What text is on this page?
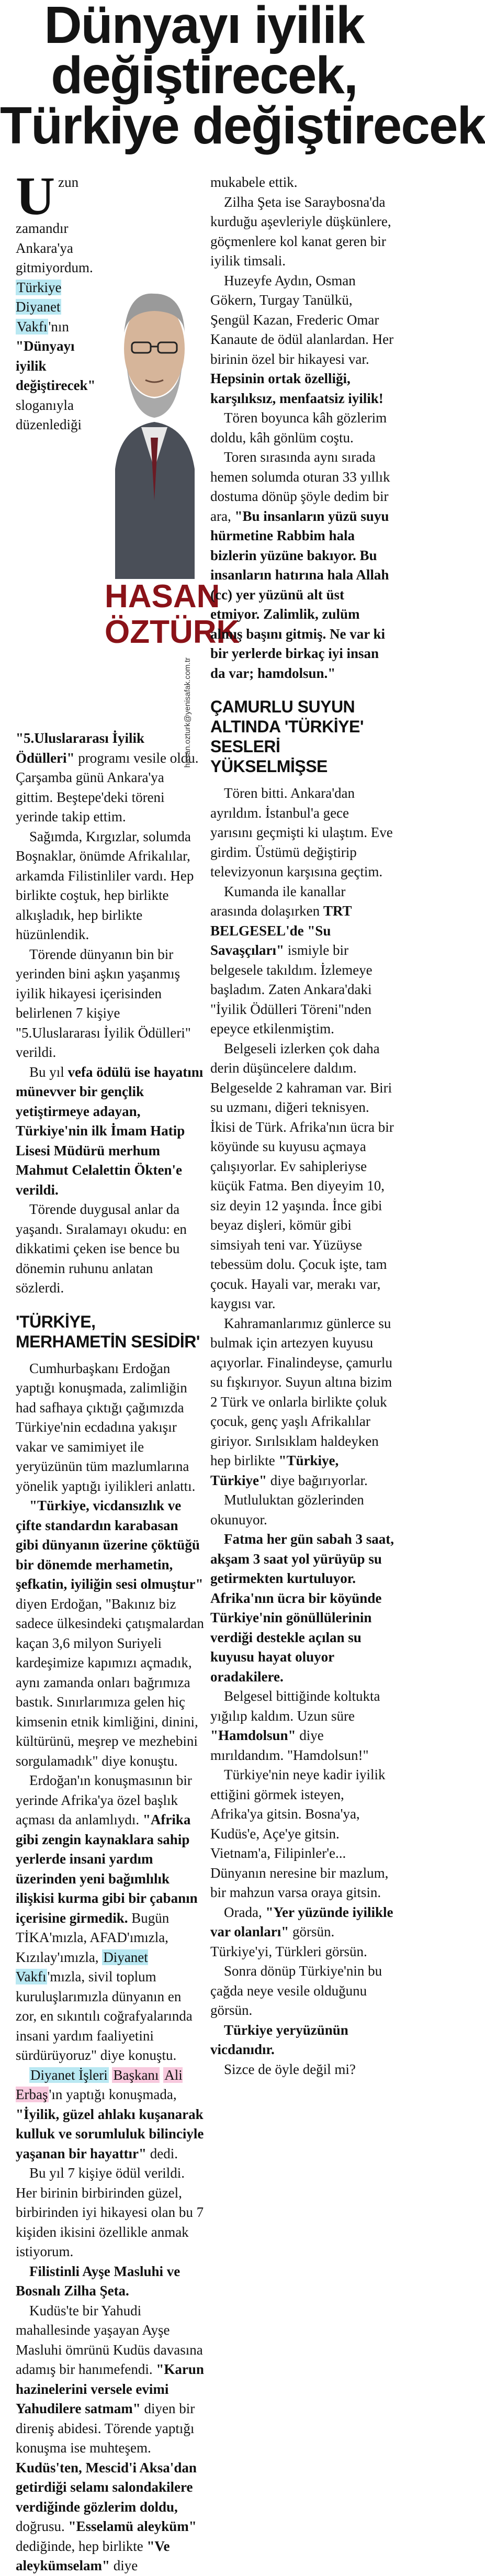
Dünyayı iyilik
değiştirecek,
Türkiye değiştirecek
HASAN
ÖZTÜRK
hasan.ozturk@yenisafak.com.tr

Uzun zamandır Ankara'ya gitmiyordum. Türkiye Diyanet Vakfı'nın "Dünyayı iyilik değiştirecek" sloganıyla düzenlediği "5.Uluslararası İyilik Ödülleri" programı vesile oldu. Çarşamba günü Ankara'ya gittim. Beştepe'deki töreni yerinde takip ettim.

Sağımda, Kırgızlar, solumda Boşnaklar, önümde Afrikalılar, arkamda Filistinliler vardı. Hep birlikte coştuk, hep birlikte alkışladık, hep birlikte hüzünlendik.

Törende dünyanın bin bir yerinden bini aşkın yaşanmış iyilik hikayesi içerisinden belirlenen 7 kişiye "5.Uluslararası İyilik Ödülleri" verildi.

Bu yıl vefa ödülü ise hayatını münevver bir gençlik yetiştirmeye adayan, Türkiye'nin ilk İmam Hatip Lisesi Müdürü merhum Mahmut Celalettin Ökten'e verildi.

Törende duygusal anlar da yaşandı. Sıralamayı okudu: en dikkatimi çeken ise bence bu dönemin ruhunu anlatan sözlerdi.

'TÜRKİYE, MERHAMETİN SESİDİR'

Cumhurbaşkanı Erdoğan yaptığı konuşmada, zalimliğin had safhaya çıktığı çağımızda Türkiye'nin ecdadına yakışır vakar ve samimiyet ile yeryüzünün tüm mazlumlarına yönelik yaptığı iyilikleri anlattı.

"Türkiye, vicdansızlık ve çifte standardın karabasan gibi dünyanın üzerine çöktüğü bir dönemde merhametin, şefkatin, iyiliğin sesi olmuştur" diyen Erdoğan, "Bakınız biz sadece ülkesindeki çatışmalardan kaçan 3,6 milyon Suriyeli kardeşimize kapımızı açmadık, aynı zamanda onları bağrımıza bastık. Sınırlarımıza gelen hiç kimsenin etnik kimliğini, dinini, kültürünü, meşrep ve mezhebini sorgulamadık" diye konuştu.

Erdoğan'ın konuşmasının bir yerinde Afrika'ya özel başlık açması da anlamlıydı. "Afrika gibi zengin kaynaklara sahip yerlerde insani yardım üzerinden yeni bağımlılık ilişkisi kurma gibi bir çabanın içerisine girmedik. Bugün TİKA'mızla, AFAD'ımızla, Kızılay'ımızla, Diyanet Vakfı'mızla, sivil toplum kuruluşlarımızla dünyanın en zor, en sıkıntılı coğrafyalarında insani yardım faaliyetini sürdürüyoruz" diye konuştu.

Diyanet İşleri Başkanı Ali Erbaş'ın yaptığı konuşmada, "İyilik, güzel ahlakı kuşanarak kulluk ve sorumluluk bilinciyle yaşanan bir hayattır" dedi.

Bu yıl 7 kişiye ödül verildi. Her birinin birbirinden güzel, birbirinden iyi hikayesi olan bu 7 kişiden ikisini özellikle anmak istiyorum.

Filistinli Ayşe Masluhi ve Bosnalı Zilha Şeta.

Kudüs'te bir Yahudi mahallesinde yaşayan Ayşe Masluhi ömrünü Kudüs davasına adamış bir hanımefendi. "Karun hazinelerini versele evimi Yahudilere satmam" diyen bir direniş abidesi. Törende yaptığı konuşma ise muhteşem. Kudüs'ten, Mescid'i Aksa'dan getirdiği selamı salondakilere verdiğinde gözlerim doldu, doğrusu. "Esselamü aleyküm" dediğinde, hep birlikte "Ve aleykümselam" diye

mukabele ettik.

Zilha Şeta ise Saraybosna'da kurduğu aşevleriyle düşkünlere, göçmenlere kol kanat geren bir iyilik timsali.

Huzeyfe Aydın, Osman Gökern, Turgay Tanülkü, Şengül Kazan, Frederic Omar Kanaute de ödül alanlardan. Her birinin özel bir hikayesi var. Hepsinin ortak özelliği, karşılıksız, menfaatsiz iyilik!

Tören boyunca kâh gözlerim doldu, kâh gönlüm coştu.

Toren sırasında aynı sırada hemen solumda oturan 33 yıllık dostuma dönüp şöyle dedim bir ara, "Bu insanların yüzü suyu hürmetine Rabbim hala bizlerin yüzüne bakıyor. Bu insanların hatırına hala Allah (cc) yer yüzünü alt üst etmiyor. Zalimlik, zulüm almış başını gitmiş. Ne var ki bir yerlerde birkaç iyi insan da var; hamdolsun."

ÇAMURLU SUYUN ALTINDA 'TÜRKİYE' SESLERİ YÜKSELMİŞSE

Tören bitti. Ankara'dan ayrıldım. İstanbul'a gece yarısını geçmişti ki ulaştım. Eve girdim. Üstümü değiştirip televizyonun karşısına geçtim.

Kumanda ile kanallar arasında dolaşırken TRT BELGESEL'de "Su Savaşçıları" ismiyle bir belgesele takıldım. İzlemeye başladım. Zaten Ankara'daki "İyilik Ödülleri Töreni"nden epeyce etkilenmiştim.

Belgeseli izlerken çok daha derin düşüncelere daldım. Belgeselde 2 kahraman var. Biri su uzmanı, diğeri teknisyen. İkisi de Türk. Afrika'nın ücra bir köyünde su kuyusu açmaya çalışıyorlar. Ev sahipleriyse küçük Fatma. Ben diyeyim 10, siz deyin 12 yaşında. İnce gibi beyaz dişleri, kömür gibi simsiyah teni var. Yüzüyse tebessüm dolu. Çocuk işte, tam çocuk. Hayali var, merakı var, kaygısı var.

Kahramanlarımız günlerce su bulmak için artezyen kuyusu açıyorlar. Finalindeyse, çamurlu su fışkırıyor. Suyun altına bizim 2 Türk ve onlarla birlikte çoluk çocuk, genç yaşlı Afrikalılar giriyor. Sırılsıklam haldeyken hep birlikte "Türkiye, Türkiye" diye bağırıyorlar.

Mutluluktan gözlerinden okunuyor.

Fatma her gün sabah 3 saat, akşam 3 saat yol yürüyüp su getirmekten kurtuluyor. Afrika'nın ücra bir köyünde Türkiye'nin gönüllülerinin verdiği destekle açılan su kuyusu hayat oluyor oradakilere.

Belgesel bittiğinde koltukta yığılıp kaldım. Uzun süre "Hamdolsun" diye mırıldandım. "Hamdolsun!"

Türkiye'nin neye kadir iyilik ettiğini görmek isteyen, Afrika'ya gitsin. Bosna'ya, Kudüs'e, Açe'ye gitsin. Vietnam'a, Filipinler'e... Dünyanın neresine bir mazlum, bir mahzun varsa oraya gitsin.

Orada, "Yer yüzünde iyilikle var olanları" görsün. Türkiye'yi, Türkleri görsün.

Sonra dönüp Türkiye'nin bu çağda neye vesile olduğunu görsün.

Türkiye yeryüzünün vicdanıdır.

Sizce de öyle değil mi?
